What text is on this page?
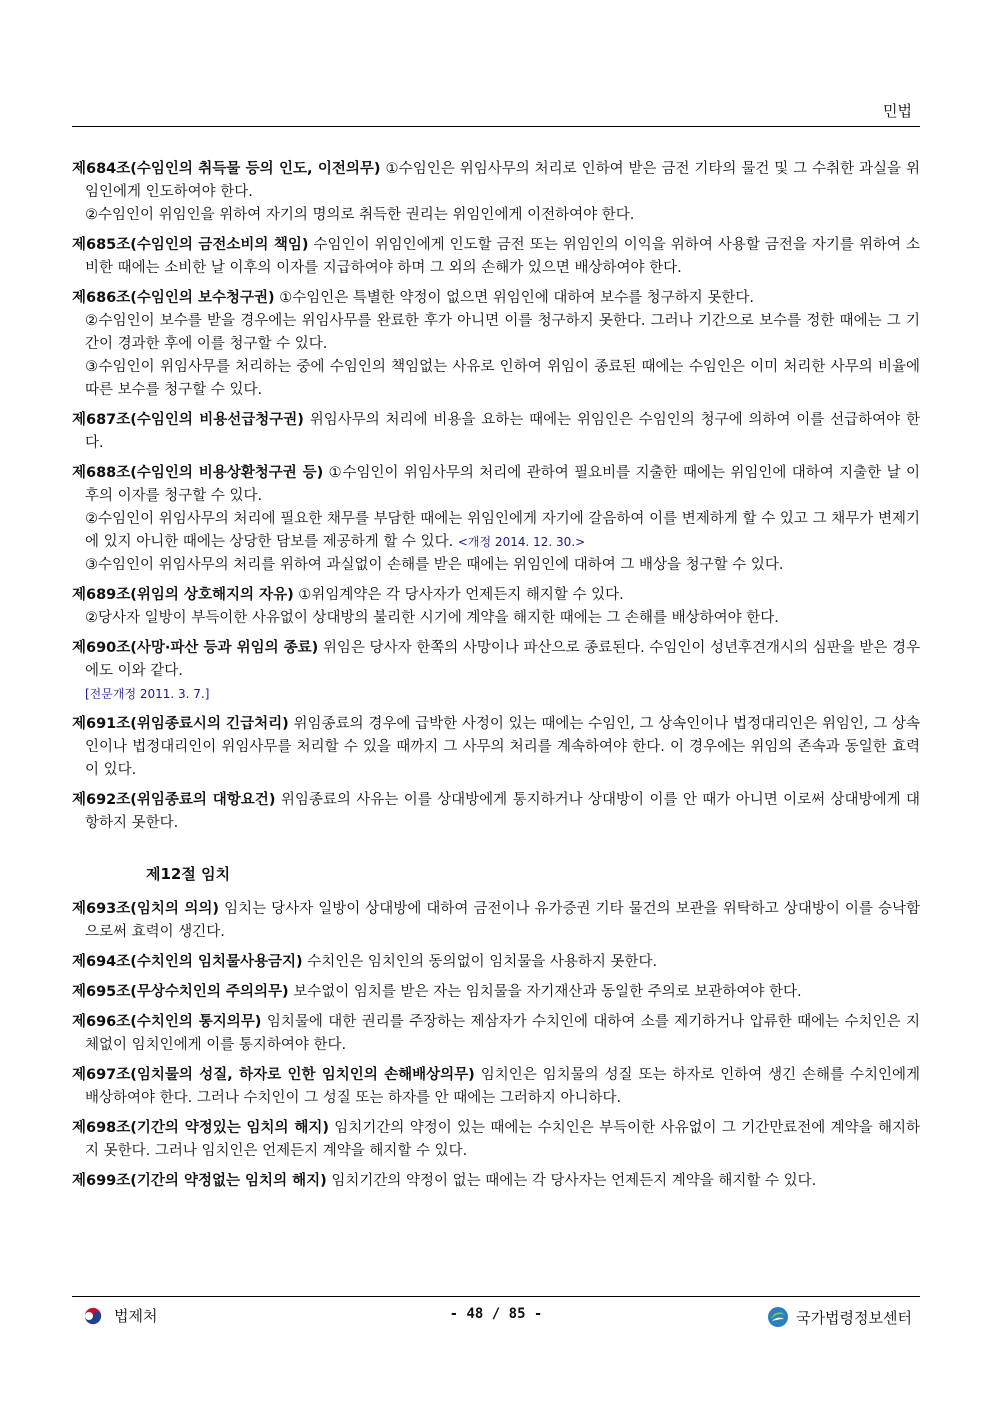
민법

제684조(수임인의 취득물 등의 인도, 이전의무) ①수임인은 위임사무의 처리로 인하여 받은 금전 기타의 물건 및 그 수취한 과실을 위임인에게 인도하여야 한다.

②수임인이 위임인을 위하여 자기의 명의로 취득한 권리는 위임인에게 이전하여야 한다.

제685조(수임인의 금전소비의 책임) 수임인이 위임인에게 인도할 금전 또는 위임인의 이익을 위하여 사용할 금전을 자기를 위하여 소비한 때에는 소비한 날 이후의 이자를 지급하여야 하며 그 외의 손해가 있으면 배상하여야 한다.

제686조(수임인의 보수청구권) ①수임인은 특별한 약정이 없으면 위임인에 대하여 보수를 청구하지 못한다.

②수임인이 보수를 받을 경우에는 위임사무를 완료한 후가 아니면 이를 청구하지 못한다. 그러나 기간으로 보수를 정한 때에는 그 기간이 경과한 후에 이를 청구할 수 있다.

③수임인이 위임사무를 처리하는 중에 수임인의 책임없는 사유로 인하여 위임이 종료된 때에는 수임인은 이미 처리한 사무의 비율에 따른 보수를 청구할 수 있다.

제687조(수임인의 비용선급청구권) 위임사무의 처리에 비용을 요하는 때에는 위임인은 수임인의 청구에 의하여 이를 선급하여야 한다.

제688조(수임인의 비용상환청구권 등) ①수임인이 위임사무의 처리에 관하여 필요비를 지출한 때에는 위임인에 대하여 지출한 날 이후의 이자를 청구할 수 있다.

②수임인이 위임사무의 처리에 필요한 채무를 부담한 때에는 위임인에게 자기에 갈음하여 이를 변제하게 할 수 있고 그 채무가 변제기에 있지 아니한 때에는 상당한 담보를 제공하게 할 수 있다. <개정 2014. 12. 30.>

③수임인이 위임사무의 처리를 위하여 과실없이 손해를 받은 때에는 위임인에 대하여 그 배상을 청구할 수 있다.

제689조(위임의 상호해지의 자유) ①위임계약은 각 당사자가 언제든지 해지할 수 있다.

②당사자 일방이 부득이한 사유없이 상대방의 불리한 시기에 계약을 해지한 때에는 그 손해를 배상하여야 한다.

제690조(사망·파산 등과 위임의 종료) 위임은 당사자 한쪽의 사망이나 파산으로 종료된다. 수임인이 성년후견개시의 심판을 받은 경우에도 이와 같다.

[전문개정 2011. 3. 7.]

제691조(위임종료시의 긴급처리) 위임종료의 경우에 급박한 사정이 있는 때에는 수임인, 그 상속인이나 법정대리인은 위임인, 그 상속인이나 법정대리인이 위임사무를 처리할 수 있을 때까지 그 사무의 처리를 계속하여야 한다. 이 경우에는 위임의 존속과 동일한 효력이 있다.

제692조(위임종료의 대항요건) 위임종료의 사유는 이를 상대방에게 통지하거나 상대방이 이를 안 때가 아니면 이로써 상대방에게 대항하지 못한다.

제12절 임치

제693조(임치의 의의) 임치는 당사자 일방이 상대방에 대하여 금전이나 유가증권 기타 물건의 보관을 위탁하고 상대방이 이를 승낙함으로써 효력이 생긴다.

제694조(수치인의 임치물사용금지) 수치인은 임치인의 동의없이 임치물을 사용하지 못한다.

제695조(무상수치인의 주의의무) 보수없이 임치를 받은 자는 임치물을 자기재산과 동일한 주의로 보관하여야 한다.

제696조(수치인의 통지의무) 임치물에 대한 권리를 주장하는 제삼자가 수치인에 대하여 소를 제기하거나 압류한 때에는 수치인은 지체없이 임치인에게 이를 통지하여야 한다.

제697조(임치물의 성질, 하자로 인한 임치인의 손해배상의무) 임치인은 임치물의 성질 또는 하자로 인하여 생긴 손해를 수치인에게 배상하여야 한다. 그러나 수치인이 그 성질 또는 하자를 안 때에는 그러하지 아니하다.

제698조(기간의 약정있는 임치의 해지) 임치기간의 약정이 있는 때에는 수치인은 부득이한 사유없이 그 기간만료전에 계약을 해지하지 못한다. 그러나 임치인은 언제든지 계약을 해지할 수 있다.

제699조(기간의 약정없는 임치의 해지) 임치기간의 약정이 없는 때에는 각 당사자는 언제든지 계약을 해지할 수 있다.

법제처	- 48 / 85 -	국가법령정보센터
